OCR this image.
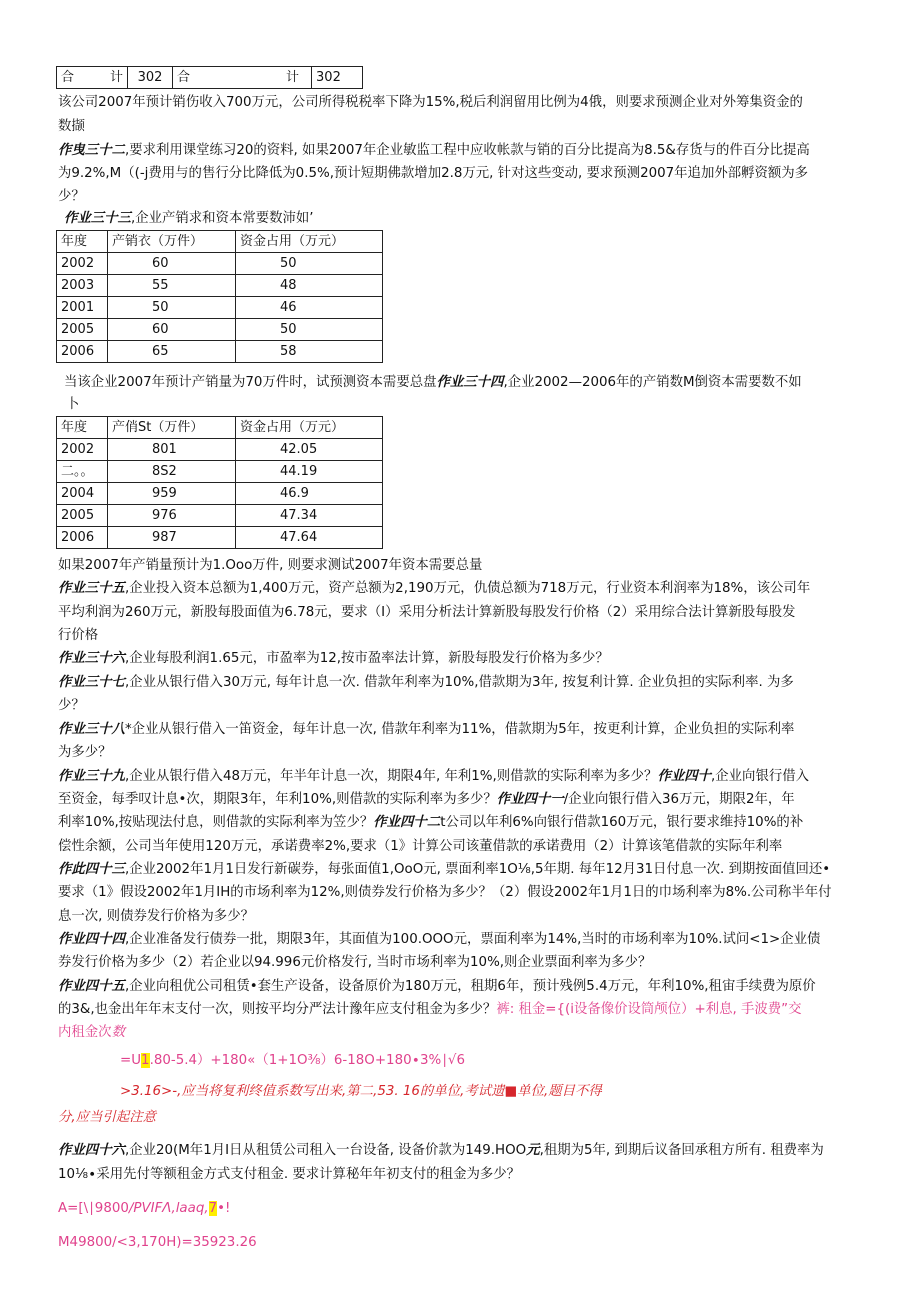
合	计	302	合	计	302
该公司2007年预计销伤收入700万元，公司所得税税率下降为15%,税后利润留用比例为4俄，则要求预测企业对外筹集资金的
数撷
作曳三十二,要求利用课堂练习20的资料, 如果2007年企业敏监工程中应收帐款与销的百分比提高为8.5&存货与的件百分比提高
为9.2%,M（(-j费用与的售行分比降低为0.5%,预计短期佛款增加2.8万元, 针对这些变动, 要求预测2007年追加外部孵资额为多
少？
作业三十三,企业产销求和资本常要数沛如’
年度	产销衣（万件）	资金占用（万元）
2002	60	50
2003	55	48
2001	50	46
2005	60	50
2006	65	58
当该企业2007年预计产销量为70万件时，试预测资本需要总盘作业三十四,企业2002—2006年的产销数M倒资本需要数不如
卜
年度	产俏St（万件）	资金占用（万元）
2002	801	42.05
二。。	8S2	44.19
2004	959	46.9
2005	976	47.34
2006	987	47.64
如果2007年产销量预计为1.Ooo万件, 则要求测试2007年资本需要总量
作业三十五,企业投入资本总额为1,400万元，资产总额为2,190万元，仇债总额为718万元，行业资本利润率为18%，该公司年
平均利润为260万元，新股每股面值为6.78元，要求（I）采用分析法计算新股每股发行价格（2）采用综合法计算新股每股发
行价格
作业三十六,企业每股利润1.65元，市盈率为12,按市盈率法计算，新股每股发行价格为多少？
作业三十七,企业从银行借入30万元, 每年计息一次. 借款年利率为10%,借款期为3年, 按复利计算. 企业负担的实际利率. 为多
少？
作业三十八*企业从银行借入一笛资金，每年计息一次, 借款年利率为11%，借款期为5年，按更利计算，企业负担的实际利率
为多少？
作业三十九,企业从银行借入48万元，年半年计息一次，期限4年, 年利1%,则借款的实际利率为多少？作业四十,企业向银行借入
至资金，每季叹计息•次，期限3年，年利10%,则借款的实际利率为多少？作业四十一/企业向银行借入36万元，期限2年，年
利率10%,按贴现法付息，则借款的实际利率为笠少？作业四十二t公司以年利6%向银行借款160万元，银行要求维持10%的补
偿性余额，公司当年使用120万元，承诺费率2%,要求（1》计算公司该董借款的承诺费用（2）计算该笔借款的实际年利率
作此四十三,企业2002年1月1日发行新碳券，每张面值1,OoO元, 票面利率1O⅛,5年期. 每年12月31日付息一次. 到期按面值回还•
要求（1》假设2002年1月IH的市场利率为12%,则债券发行价格为多少？（2）假设2002年1月1日的巾场利率为8%.公司称半年付
息一次, 则债券发行价格为多少？
作业四十四,企业准备发行债券一批，期限3年，其面值为100.OOO元，票面利率为14%,当时的市场利率为10%.试问<1>企业债
券发行价格为多少（2）若企业以94.996元价格发行, 当时市场利率为10%,则企业票面利率为多少？
作业四十五,企业向租优公司租赁•套生产设备，设备原价为180万元，租期6年，预计残例5.4万元，年利10%,租宙手续费为原价
的3&,也金出年年末支付一次，则按平均分严法计豫年应支付租金为多少？裤: 租金={(i设备像价设筒颅位）+利息, 手波费”交
内租金次数
=U1.80-5.4）+180«（1+1O⅜）6-18O+180∙3%∣√6
>3.16>-,应当将复利终值系数写出来,第二,53. 16的单位,考试遗■单位,题目不得
分,应当引起注意
作业四十六,企业20(M年1月I日从租赁公司租入一台设备, 设备价款为149.HOO元,租期为5年, 到期后议备回承租方所有. 租费率为
10⅛∙采用先付等额租金方式支付租金. 要求计算秘年年初支付的租金为多少？
A=[\∣9800∕PVIFΛ,laaq,7•!
M49800/<3,170H)=35923.26
